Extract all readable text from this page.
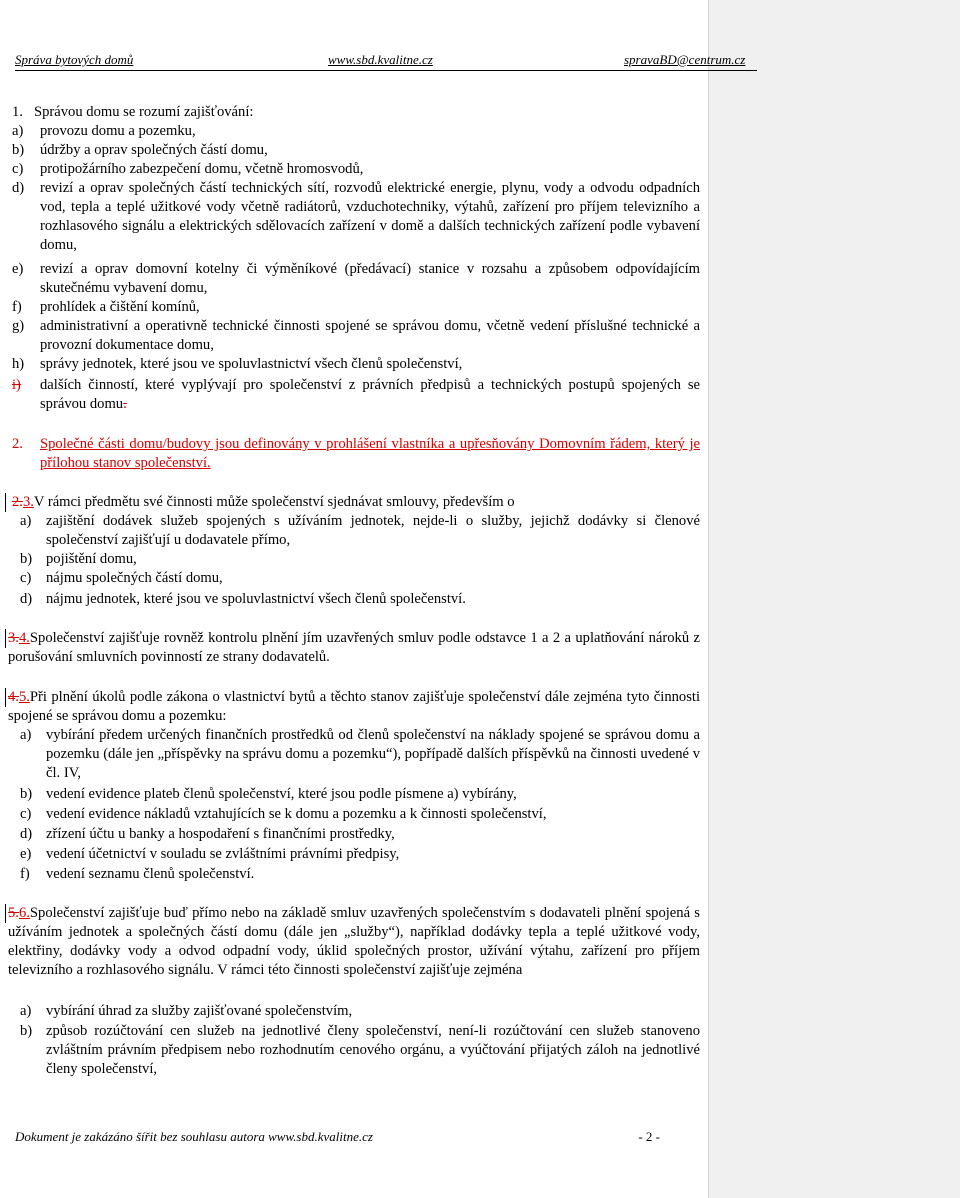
Správa bytových domů	www.sbd.kvalitne.cz	spravaBD@centrum.cz
1. Správou domu se rozumí zajišťování:
a)	provozu domu a pozemku,
b)	údržby a oprav společných částí domu,
c)	protipožárního zabezpečení domu, včetně hromosvodů,
d)	revizí a oprav společných částí technických sítí, rozvodů elektrické energie, plynu, vody a odvodu odpadních vod, tepla a teplé užitkové vody včetně radiátorů, vzduchotechniky, výtahů, zařízení pro příjem televizního a rozhlasového signálu a elektrických sdělovacích zařízení v domě a dalších technických zařízení podle vybavení domu,
e)	revizí a oprav domovní kotelny či výměníkové (předávací) stanice v rozsahu a způsobem odpovídajícím skutečnému vybavení domu,
f)	prohlídek a čištění komínů,
g)	administrativní a operativně technické činnosti spojené se správou domu, včetně vedení příslušné technické a provozní dokumentace domu,
h)	správy jednotek, které jsou ve spoluvlastnictví všech členů společenství,
i)	dalších činností, které vyplývají pro společenství z právních předpisů a technických postupů spojených se správou domu.
2.	Společné části domu/budovy jsou definovány v prohlášení vlastníka a upřesňovány Domovním řádem, který je přílohou stanov společenství.
2.3.V rámci předmětu své činnosti může společenství sjednávat smlouvy, především o
a)	zajištění dodávek služeb spojených s užíváním jednotek, nejde-li o služby, jejichž dodávky si členové společenství zajišťují u dodavatele přímo,
b) pojištění domu,
c)	nájmu společných částí domu,
d) nájmu jednotek, které jsou ve spoluvlastnictví všech členů společenství.
3.4.Společenství zajišťuje rovněž kontrolu plnění jím uzavřených smluv podle odstavce 1 a 2 a uplatňování nároků z porušování smluvních povinností ze strany dodavatelů.
4.5.Při plnění úkolů podle zákona o vlastnictví bytů a těchto stanov zajišťuje společenství dále zejména tyto činnosti spojené se správou domu a pozemku:
a)	vybírání předem určených finančních prostředků od členů společenství na náklady spojené se správou domu a pozemku (dále jen „příspěvky na správu domu a pozemku“), popřípadě dalších příspěvků na činnosti uvedené v čl. IV,
b) vedení evidence plateb členů společenství, které jsou podle písmene a) vybírány,
c)	vedení evidence nákladů vztahujících se k domu a pozemku a k činnosti společenství,
d) zřízení účtu u banky a hospodaření s finančními prostředky,
e)	vedení účetnictví v souladu se zvláštními právními předpisy,
f)	vedení seznamu členů společenství.
5.6.Společenství zajišťuje buď přímo nebo na základě smluv uzavřených společenstvím s dodavateli plnění spojená s užíváním jednotek a společných částí domu (dále jen „služby“), například dodávky tepla a teplé užitkové vody, elektřiny, dodávky vody a odvod odpadní vody, úklid společných prostor, užívání výtahu, zařízení pro příjem televizního a rozhlasového signálu. V rámci této činnosti společenství zajišťuje zejména
a)	vybírání úhrad za služby zajišťované společenstvím,
b) způsob rozúčtování cen služeb na jednotlivé členy společenství, není-li rozúčtování cen služeb stanoveno zvláštním právním předpisem nebo rozhodnutím cenového orgánu, a vyúčtování přijatých záloh na jednotlivé členy společenství,
Dokument je zakázáno šířit bez souhlasu autora www.sbd.kvalitne.cz	- 2 -
